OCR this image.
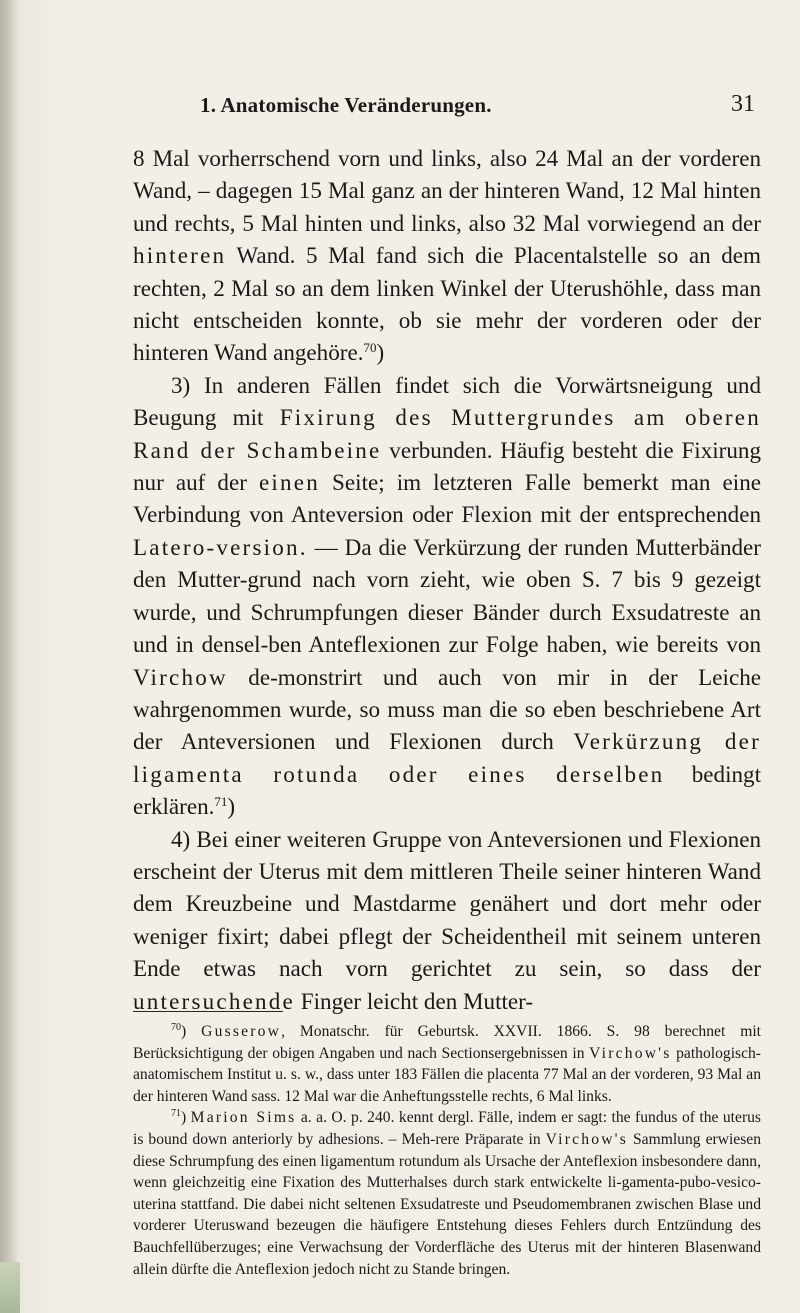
1. Anatomische Veränderungen.	31

8 Mal vorherrschend vorn und links, also 24 Mal an der vorderen Wand, – dagegen 15 Mal ganz an der hinteren Wand, 12 Mal hinten und rechts, 5 Mal hinten und links, also 32 Mal vorwiegend an der hinteren Wand. 5 Mal fand sich die Placentalstelle so an dem rechten, 2 Mal so an dem linken Winkel der Uterushöhle, dass man nicht entscheiden konnte, ob sie mehr der vorderen oder der hinteren Wand angehöre.$^{70}$)

3) In anderen Fällen findet sich die Vorwärtsneigung und Beugung mit Fixirung des Muttergrundes am oberen Rand der Schambeine verbunden. Häufig besteht die Fixirung nur auf der einen Seite; im letzteren Falle bemerkt man eine Verbindung von Anteversion oder Flexion mit der entsprechenden Latero-version. — Da die Verkürzung der runden Mutterbänder den Mutter-grund nach vorn zieht, wie oben S. 7 bis 9 gezeigt wurde, und Schrumpfungen dieser Bänder durch Exsudatreste an und in densel-ben Anteflexionen zur Folge haben, wie bereits von Virchow de-monstrirt und auch von mir in der Leiche wahrgenommen wurde, so muss man die so eben beschriebene Art der Anteversionen und Flexionen durch Verkürzung der ligamenta rotunda oder eines derselben bedingt erklären.$^{71}$)

4) Bei einer weiteren Gruppe von Anteversionen und Flexionen erscheint der Uterus mit dem mittleren Theile seiner hinteren Wand dem Kreuzbeine und Mastdarme genähert und dort mehr oder weniger fixirt; dabei pflegt der Scheidentheil mit seinem unteren Ende etwas nach vorn gerichtet zu sein, so dass der untersuchende Finger leicht den Mutter-

$^{70}$) Gusserow, Monatschr. für Geburtsk. XXVII. 1866. S. 98 berechnet mit Berücksichtigung der obigen Angaben und nach Sectionsergebnissen in Virchow's pathologisch-anatomischem Institut u. s. w., dass unter 183 Fällen die placenta 77 Mal an der vorderen, 93 Mal an der hinteren Wand sass. 12 Mal war die Anheftungsstelle rechts, 6 Mal links.

$^{71}$) Marion Sims a. a. O. p. 240. kennt dergl. Fälle, indem er sagt: the fundus of the uterus is bound down anteriorly by adhesions. – Meh-rere Präparate in Virchow's Sammlung erwiesen diese Schrumpfung des einen ligamentum rotundum als Ursache der Anteflexion insbesondere dann, wenn gleichzeitig eine Fixation des Mutterhalses durch stark entwickelte li-gamenta-pubo-vesico-uterina stattfand. Die dabei nicht seltenen Exsudatreste und Pseudomembranen zwischen Blase und vorderer Uteruswand bezeugen die häufigere Entstehung dieses Fehlers durch Entzündung des Bauchfellüberzuges; eine Verwachsung der Vorderfläche des Uterus mit der hinteren Blasenwand allein dürfte die Anteflexion jedoch nicht zu Stande bringen.
